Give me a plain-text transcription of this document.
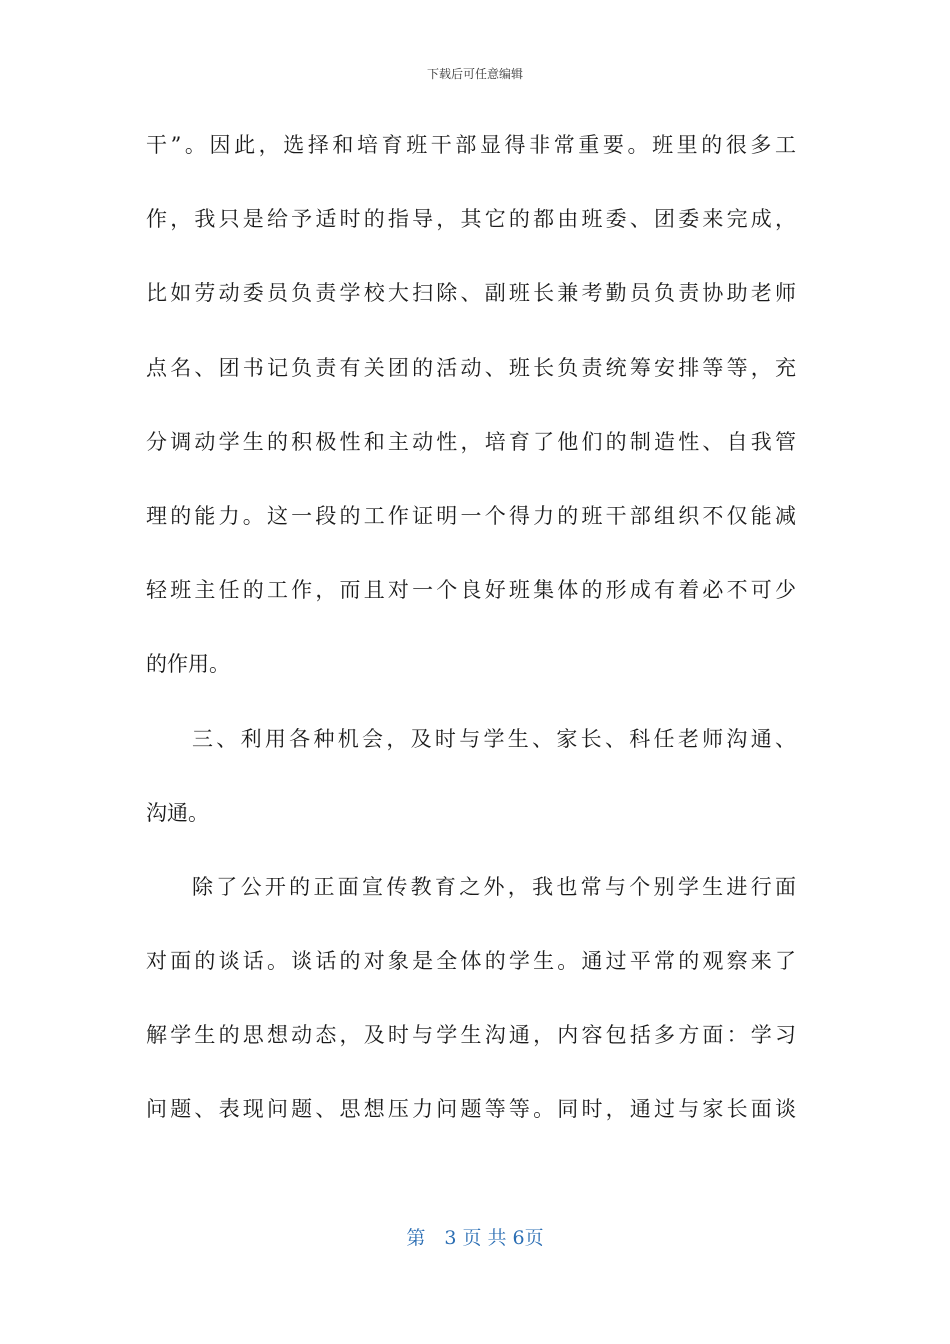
下载后可任意编辑
干”。因此，选择和培育班干部显得非常重要。班里的很多工
作，我只是给予适时的指导，其它的都由班委、团委来完成，
比如劳动委员负责学校大扫除、副班长兼考勤员负责协助老师
点名、团书记负责有关团的活动、班长负责统筹安排等等，充
分调动学生的积极性和主动性，培育了他们的制造性、自我管
理的能力。这一段的工作证明一个得力的班干部组织不仅能减
轻班主任的工作，而且对一个良好班集体的形成有着必不可少
的作用。
三、利用各种机会，及时与学生、家长、科任老师沟通、
沟通。
除了公开的正面宣传教育之外，我也常与个别学生进行面
对面的谈话。谈话的对象是全体的学生。通过平常的观察来了
解学生的思想动态，及时与学生沟通，内容包括多方面：学习
问题、表现问题、思想压力问题等等。同时，通过与家长面谈
第　3 页 共 6页
